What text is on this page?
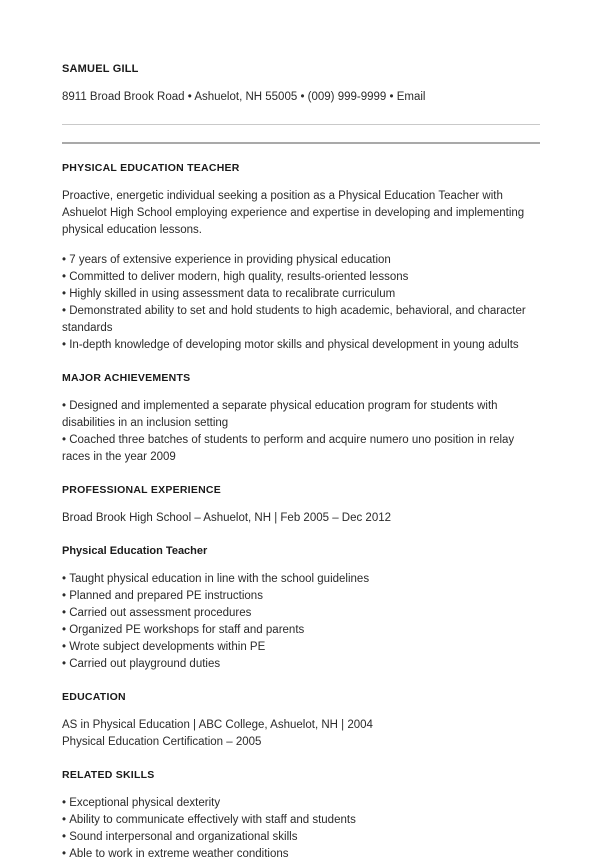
SAMUEL GILL
8911 Broad Brook Road • Ashuelot, NH 55005 • (009) 999-9999 • Email
PHYSICAL EDUCATION TEACHER

Proactive, energetic individual seeking a position as a Physical Education Teacher with Ashuelot High School employing experience and expertise in developing and implementing physical education lessons.

• 7 years of extensive experience in providing physical education
• Committed to deliver modern, high quality, results-oriented lessons
• Highly skilled in using assessment data to recalibrate curriculum
• Demonstrated ability to set and hold students to high academic, behavioral, and character standards
• In-depth knowledge of developing motor skills and physical development in young adults
MAJOR ACHIEVEMENTS
• Designed and implemented a separate physical education program for students with disabilities in an inclusion setting
• Coached three batches of students to perform and acquire numero uno position in relay races in the year 2009
PROFESSIONAL EXPERIENCE
Broad Brook High School – Ashuelot, NH | Feb 2005 – Dec 2012
Physical Education Teacher
• Taught physical education in line with the school guidelines
• Planned and prepared PE instructions
• Carried out assessment procedures
• Organized PE workshops for staff and parents
• Wrote subject developments within PE
• Carried out playground duties
EDUCATION
AS in Physical Education | ABC College, Ashuelot, NH | 2004
Physical Education Certification – 2005
RELATED SKILLS
• Exceptional physical dexterity
• Ability to communicate effectively with staff and students
• Sound interpersonal and organizational skills
• Able to work in extreme weather conditions
